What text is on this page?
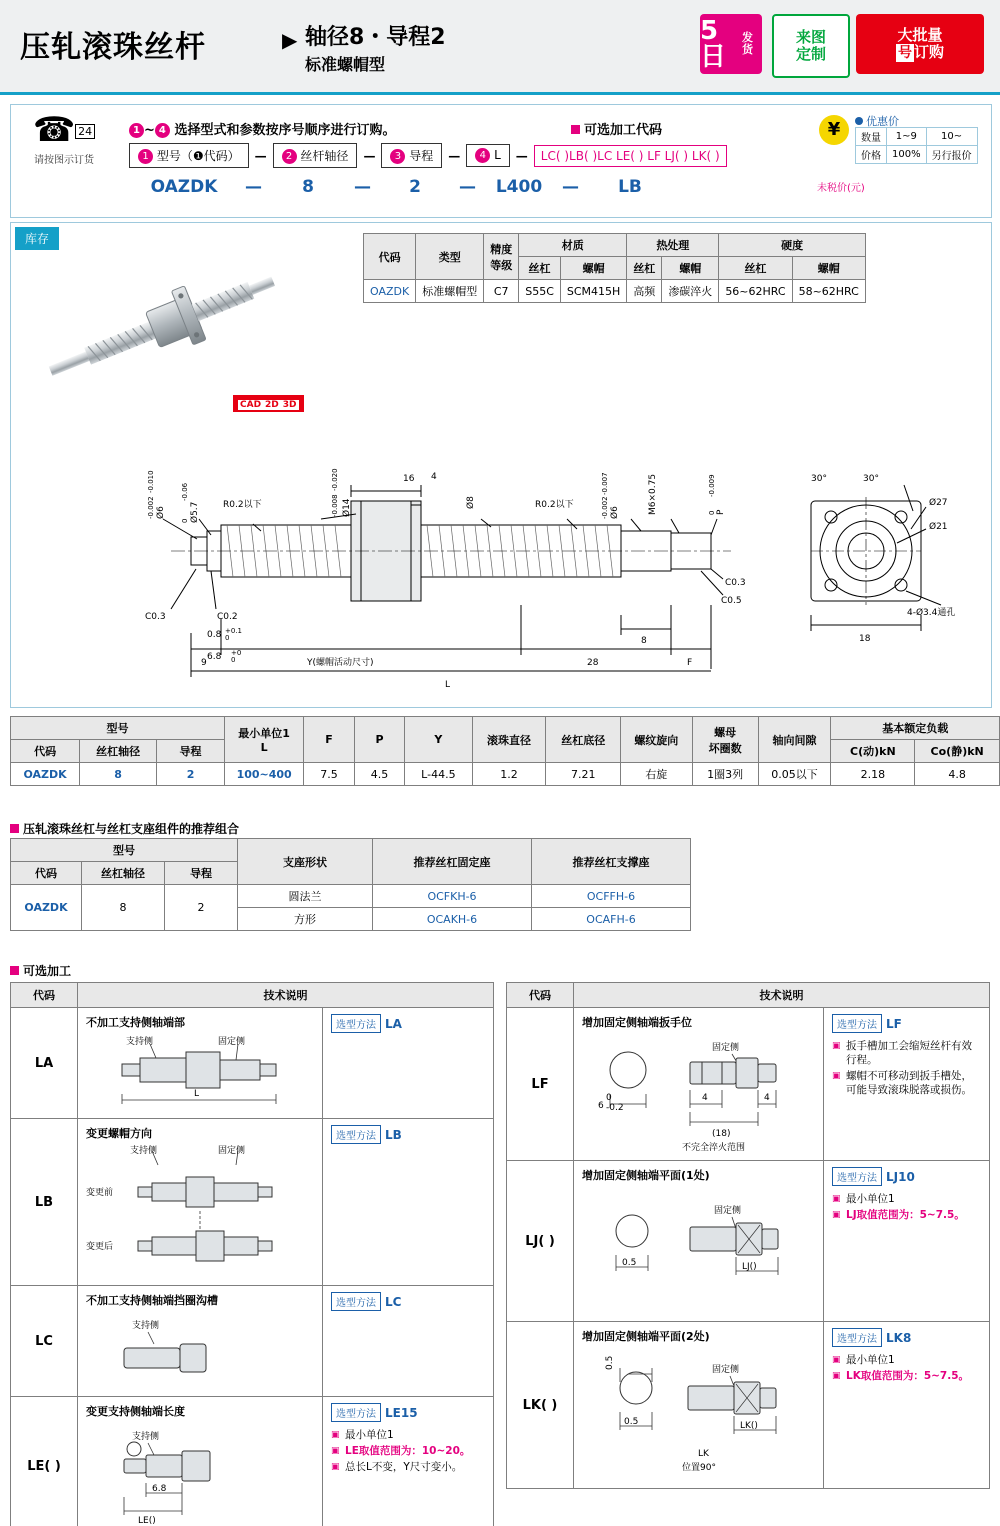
压轧滚珠丝杆	▶ 轴径8・导程2
标准螺帽型
5日
发货
来图
定制
大批量
号 订购
☎ 24
请按图示订货
1 ~ 4 选择型式和参数按序号顺序进行订购。
1 型号（❶代码）	—	2 丝杆轴径	—	3 导程	—	4 L	—	LC( )LB( )LC LE( ) LF LJ( ) LK( )
OAZDK	—	8	—	2	—	L400	—	LB
可选加工代码	¥	优惠价
数量	1~9	10~
价格	100%	另行报价
未税价(元)
库存
CAD 2D 3D
代码	类型	精度
等级	材质		热处理		硬度	
			丝杠	螺帽	丝杠	螺帽	丝杠	螺帽
OAZDK	标准螺帽型	C7	S55C	SCM415H	高频	渗碳淬火	56~62HRC	58~62HRC
16 4
Ø14
-0.008
-0.020
Ø6
-0.002
-0.010
Ø5.7
0
-0.06
R0.2以下	Ø8	R0.2以下
Ø6
-0.002
-0.007	M6×0.75	P
0
-0.009
C0.3	C0.2
C0.3
C0.5
0.8 +0.1
0
6.8 +0
0
9	Y(螺帽活动尺寸)	28
8
F
L
30°	30°
Ø27
Ø21
4-Ø3.4通孔
18
型号			最小单位1
L	F	P	Y	滚珠直径	丝杠底径	螺纹旋向	螺母
坏圈数	轴向间隙	基本额定负载	
代码	丝杠轴径	导程										C(动)kN	Co(静)kN
OAZDK	8	2	100~400	7.5	4.5	L-44.5	1.2	7.21	右旋	1圈3列	0.05以下	2.18	4.8
压轧滚珠丝杠与丝杠支座组件的推荐组合
型号			支座形状	推荐丝杠固定座	推荐丝杠支撑座
代码	丝杠轴径	导程			
OAZDK	8	2	圆法兰	OCFKH-6	OCFFH-6
			方形	OCAKH-6	OCAFH-6
可选加工
代码	技术说明
LA
不加工支持侧轴端部
支持侧	固定侧
L
选型方法 LA
LB
变更螺帽方向
支持侧	固定侧
变更前
变更后
选型方法 LB
LC
不加工支持侧轴端挡圈沟槽
支持侧
选型方法 LC
LE( )
变更支持侧轴端长度
支持侧
6.8
LE()
选型方法 LE15
▣ 最小单位1
▣ LE取值范围为：10~20。
▣ 总长L不变，Y尺寸变小。
代码	技术说明
LF
增加固定侧轴端扳手位
固定侧
6
0
-0.2
4	4
(18)
不完全淬火范围
选型方法 LF
▣ 扳手槽加工会缩短丝杆有效行程。
▣ 螺帽不可移动到扳手槽处，可能导致滚珠脱落或损伤。
LJ( )
增加固定侧轴端平面(1处)
固定侧
0.5	LJ()
选型方法 LJ10
▣ 最小单位1
▣ LJ取值范围为：5~7.5。
LK( )
增加固定侧轴端平面(2处)
固定侧
0.5
0.5	LK()
LK
位置90°
选型方法 LK8
▣ 最小单位1
▣ LK取值范围为：5~7.5。
